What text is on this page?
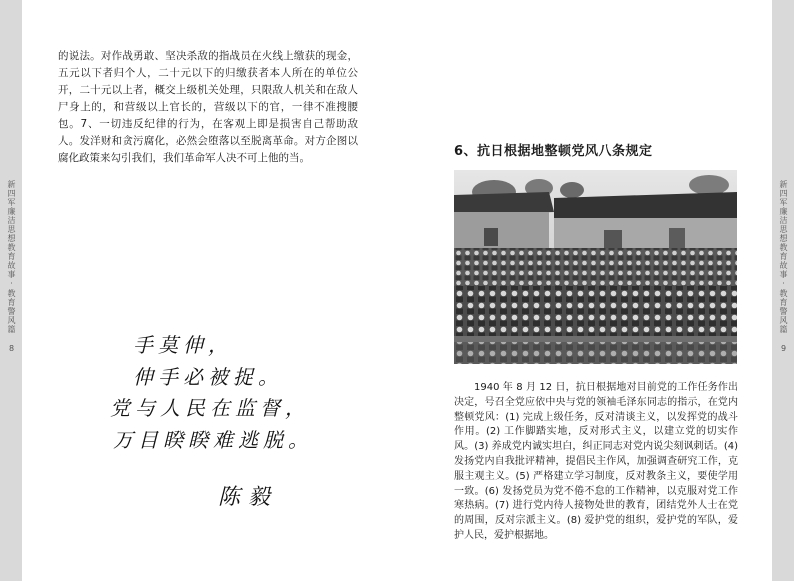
新四军廉洁思想教育故事·教育警风篇 8	新四军廉洁思想教育故事·教育警风篇 9
的说法。对作战勇敢、坚决杀敌的指战员在火线上缴获的现金，五元以下者归个人，二十元以下的归缴获者本人所在的单位公开，二十元以上者，概交上级机关处理，只限敌人机关和在敌人尸身上的，和营级以上官长的，营级以下的官，一律不准搜腰包。7、一切违反纪律的行为，在客观上即是损害自己帮助敌人。发洋财和贪污腐化，必然会堕落以至脱离革命。对方企图以腐化政策来勾引我们，我们革命军人决不可上他的当。
手莫伸，
伸手必被捉。
党与人民在监督，
万目睽睽难逃脱。
陈毅
6、抗日根据地整顿党风八条规定
1940 年 8 月 12 日，抗日根据地对目前党的工作任务作出决定，号召全党应依中央与党的领袖毛泽东同志的指示，在党内整顿党风：(1) 完成上级任务，反对清谈主义，以发挥党的战斗作用。(2) 工作脚踏实地，反对形式主义，以建立党的切实作风。(3) 养成党内诚实坦白，纠正同志对党内说尖刻讽刺话。(4) 发扬党内自我批评精神，提倡民主作风，加强调查研究工作，克服主观主义。(5) 严格建立学习制度，反对教条主义，要使学用一致。(6) 发扬党员为党不倦不怠的工作精神，以克服对党工作寒热病。(7) 进行党内待人接物处世的教育，团结党外人士在党的周围，反对宗派主义。(8) 爱护党的组织，爱护党的军队，爱护人民，爱护根据地。
